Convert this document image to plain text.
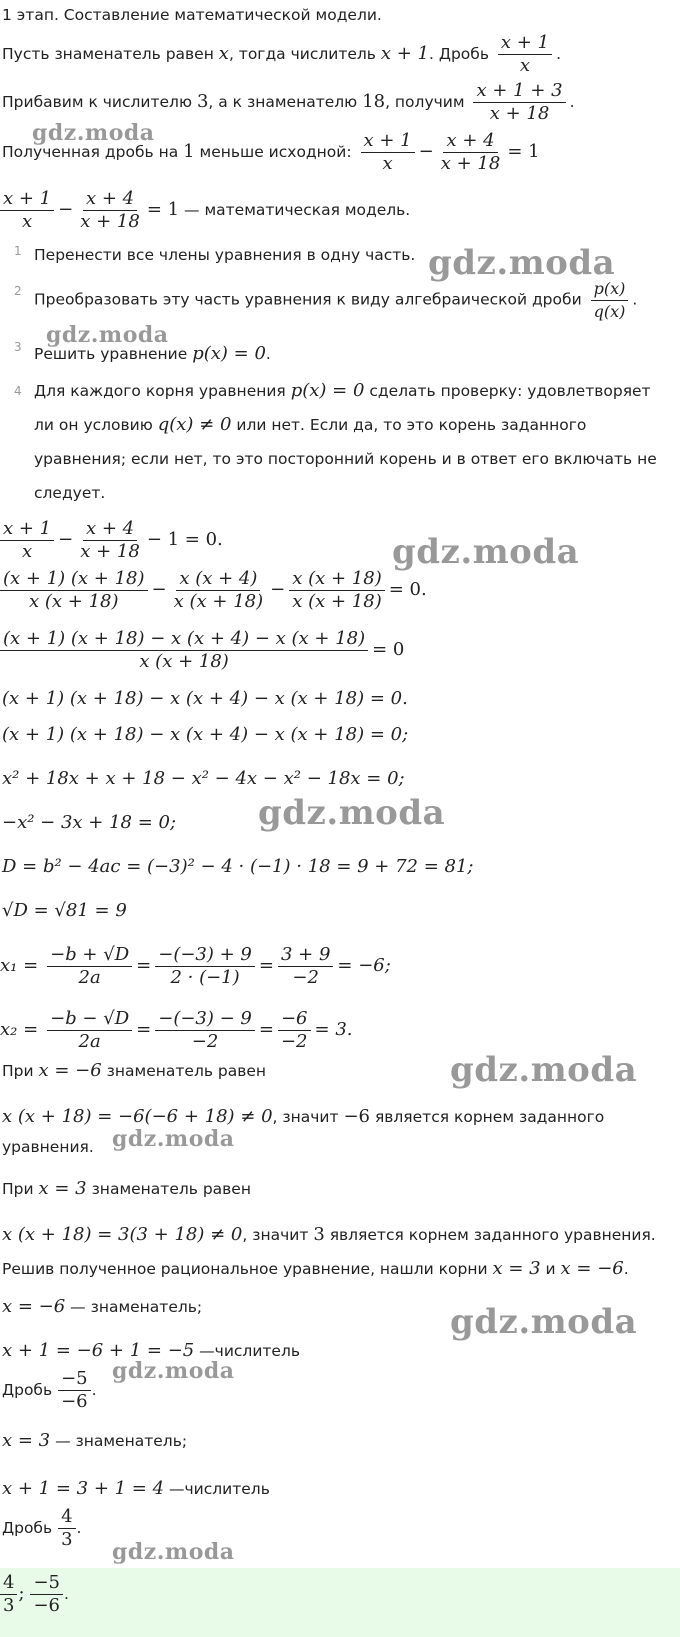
1 этап. Составление математической модели.
Пусть знаменатель равен x, тогда числитель x + 1. Дробь $\frac{x + 1}{x}$ .
Прибавим к числителю 3, а к знаменателю 18, получим $\frac{x + 1 + 3}{x + 18}$ .
Полученная дробь на 1 меньше исходной: $\frac{x + 1}{x} - \frac{x + 4}{x + 18} = 1$
$\frac{x + 1}{x} - \frac{x + 4}{x + 18} = 1$ — математическая модель.
1 Перенести все члены уравнения в одну часть.
2 Преобразовать эту часть уравнения к виду алгебраической дроби $\frac{p(x)}{q(x)}$ .
3 Решить уравнение p(x) = 0.
4 Для каждого корня уравнения p(x) = 0 сделать проверку: удовлетворяет ли он условию q(x) ≠ 0 или нет. Если да, то это корень заданного уравнения; если нет, то это посторонний корень и в ответ его включать не следует.
$\frac{x + 1}{x} - \frac{x + 4}{x + 18} - 1 = 0$.
$\frac{(x + 1) (x + 18)}{x (x + 18)} - \frac{x (x + 4)}{x (x + 18)} - \frac{x (x + 18)}{x (x + 18)} = 0$.
$\frac{(x + 1) (x + 18) - x (x + 4) - x (x + 18)}{x (x + 18)} = 0$
(x + 1) (x + 18) − x (x + 4) − x (x + 18) = 0.
(x + 1) (x + 18) − x (x + 4) − x (x + 18) = 0;
x² + 18x + x + 18 − x² − 4x − x² − 18x = 0;
−x² − 3x + 18 = 0;
D = b² − 4ac = (−3)² − 4 · (−1) · 18 = 9 + 72 = 81;
√D = √81 = 9
$x_1 = \frac{-b + √D}{2a} = \frac{-(-3) + 9}{2 \cdot (-1)} = \frac{3 + 9}{-2} = -6$;
$x_2 = \frac{-b - √D}{2a} = \frac{-(-3) - 9}{-2} = \frac{-6}{-2} = 3$.
При x = −6 знаменатель равен
x (x + 18) = −6(−6 + 18) ≠ 0, значит −6 является корнем заданного
уравнения.
При x = 3 знаменатель равен
x (x + 18) = 3(3 + 18) ≠ 0, значит 3 является корнем заданного уравнения.
Решив полученное рациональное уравнение, нашли корни x = 3 и x = −6.
x = −6 — знаменатель;
x + 1 = −6 + 1 = −5 —числитель
Дробь $\frac{-5}{-6}$ .
x = 3 — знаменатель;
x + 1 = 3 + 1 = 4 —числитель
Дробь $\frac{4}{3}$ .
$\frac{4}{3}$ ; $\frac{-5}{-6}$ .
gdz.moda
gdz.moda
gdz.moda
gdz.moda
gdz.moda
gdz.moda
gdz.moda
gdz.moda
gdz.moda
gdz.moda
